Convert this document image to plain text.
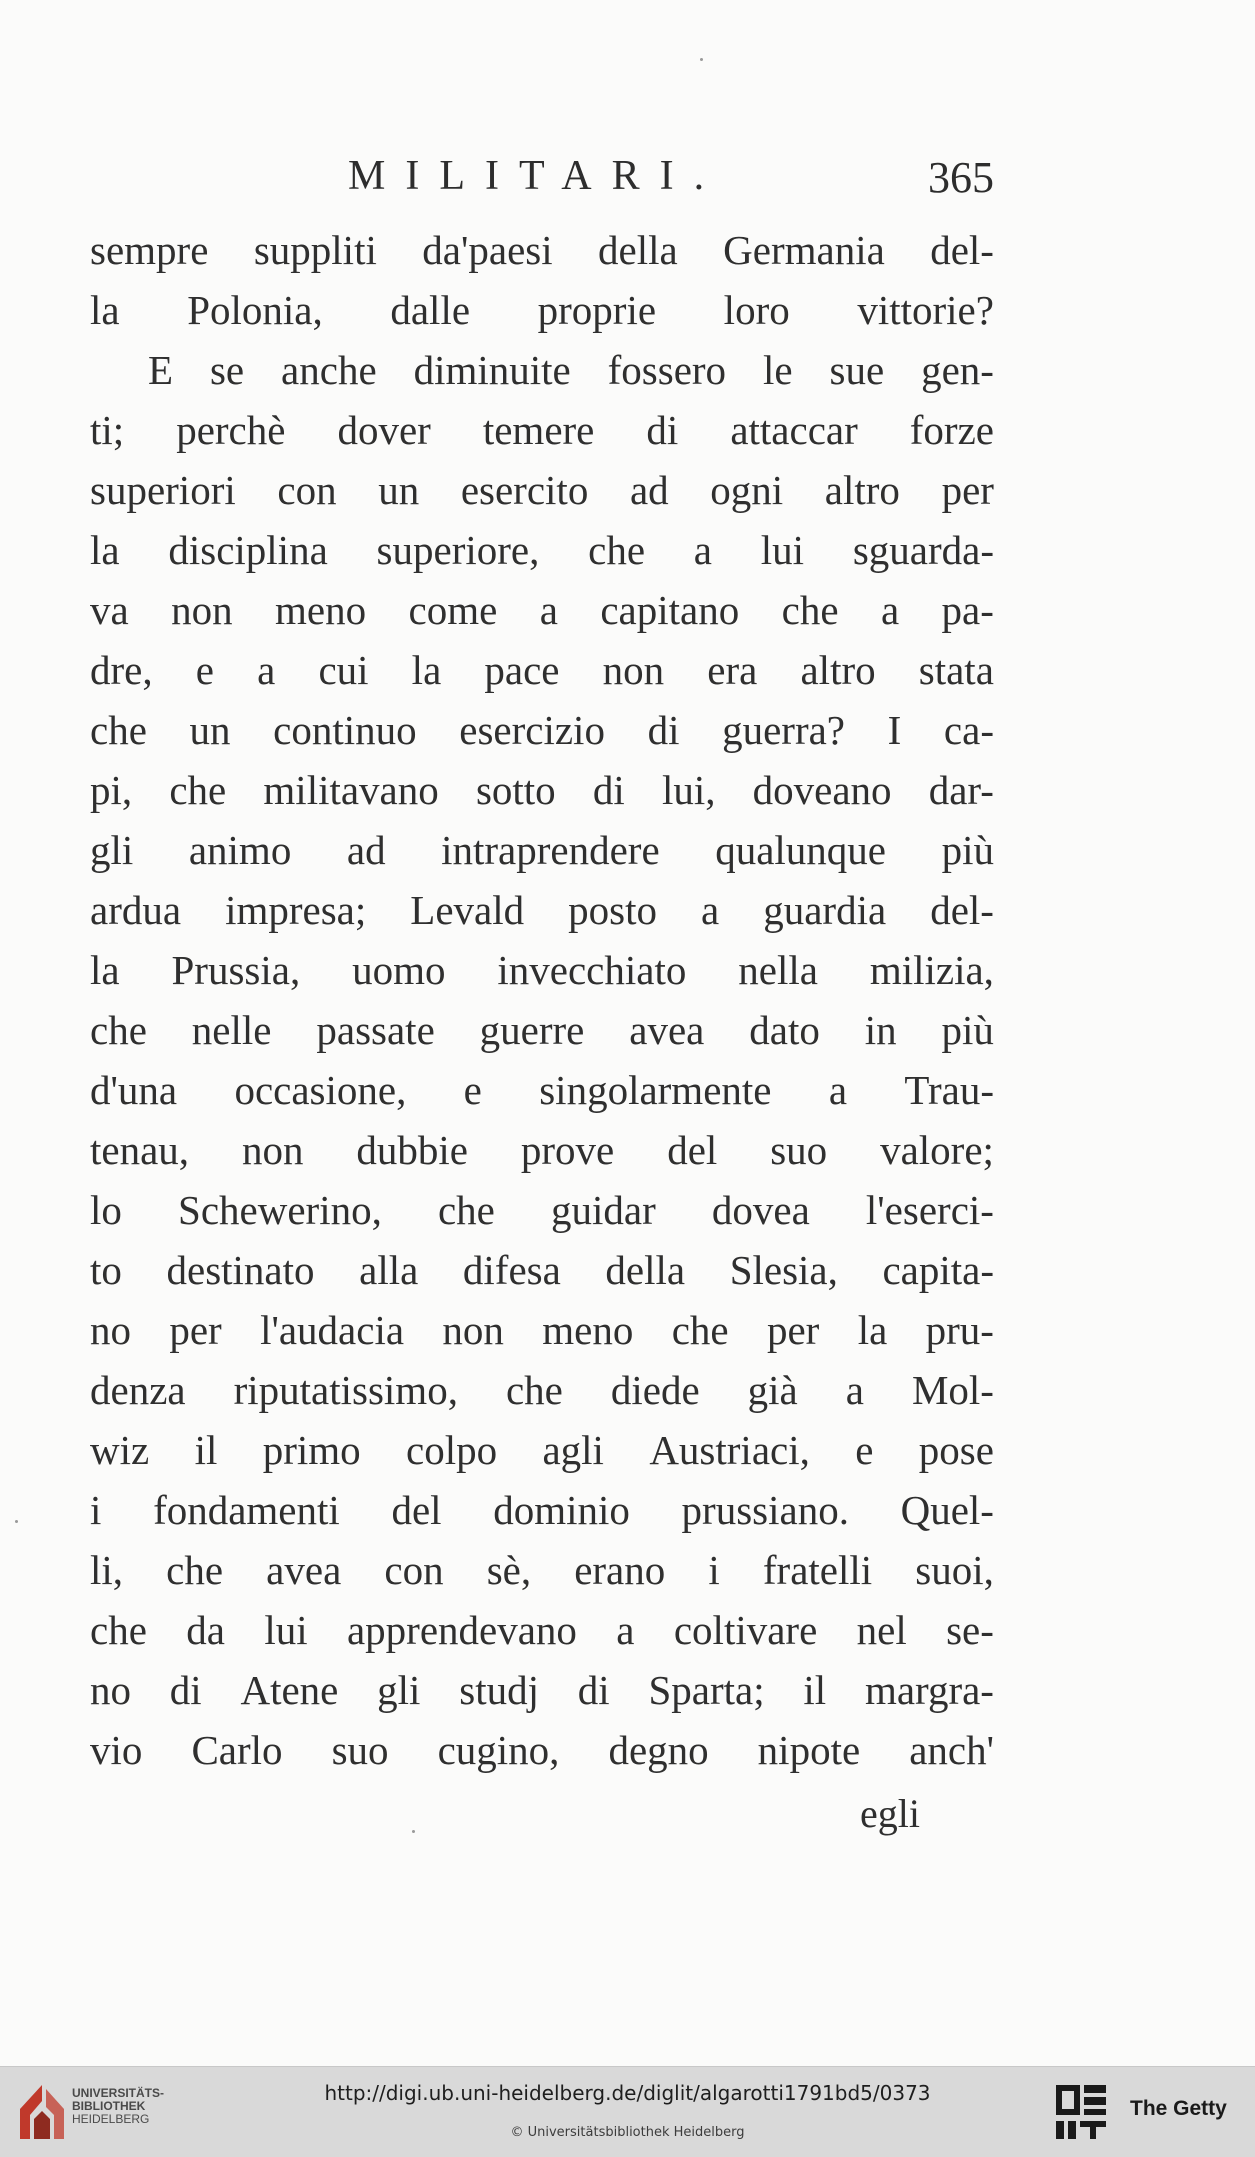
MILITARI.	365
sempre suppliti da'paesi della Germania del-
la Polonia, dalle proprie loro vittorie?
E se anche diminuite fossero le sue gen-
ti; perchè dover temere di attaccar forze
superiori con un esercito ad ogni altro per
la disciplina superiore, che a lui sguarda-
va non meno come a capitano che a pa-
dre, e a cui la pace non era altro stata
che un continuo esercizio di guerra? I ca-
pi, che militavano sotto di lui, doveano dar-
gli animo ad intraprendere qualunque più
ardua impresa; Levald posto a guardia del-
la Prussia, uomo invecchiato nella milizia,
che nelle passate guerre avea dato in più
d'una occasione, e singolarmente a Trau-
tenau, non dubbie prove del suo valore;
lo Schewerino, che guidar dovea l'eserci-
to destinato alla difesa della Slesia, capita-
no per l'audacia non meno che per la pru-
denza riputatissimo, che diede già a Mol-
wiz il primo colpo agli Austriaci, e pose
i fondamenti del dominio prussiano. Quel-
li, che avea con sè, erano i fratelli suoi,
che da lui apprendevano a coltivare nel se-
no di Atene gli studj di Sparta; il margra-
vio Carlo suo cugino, degno nipote anch'
egli
UNIVERSITÄTS-
BIBLIOTHEK
HEIDELBERG
http://digi.ub.uni-heidelberg.de/diglit/algarotti1791bd5/0373
© Universitätsbibliothek Heidelberg
The Getty
